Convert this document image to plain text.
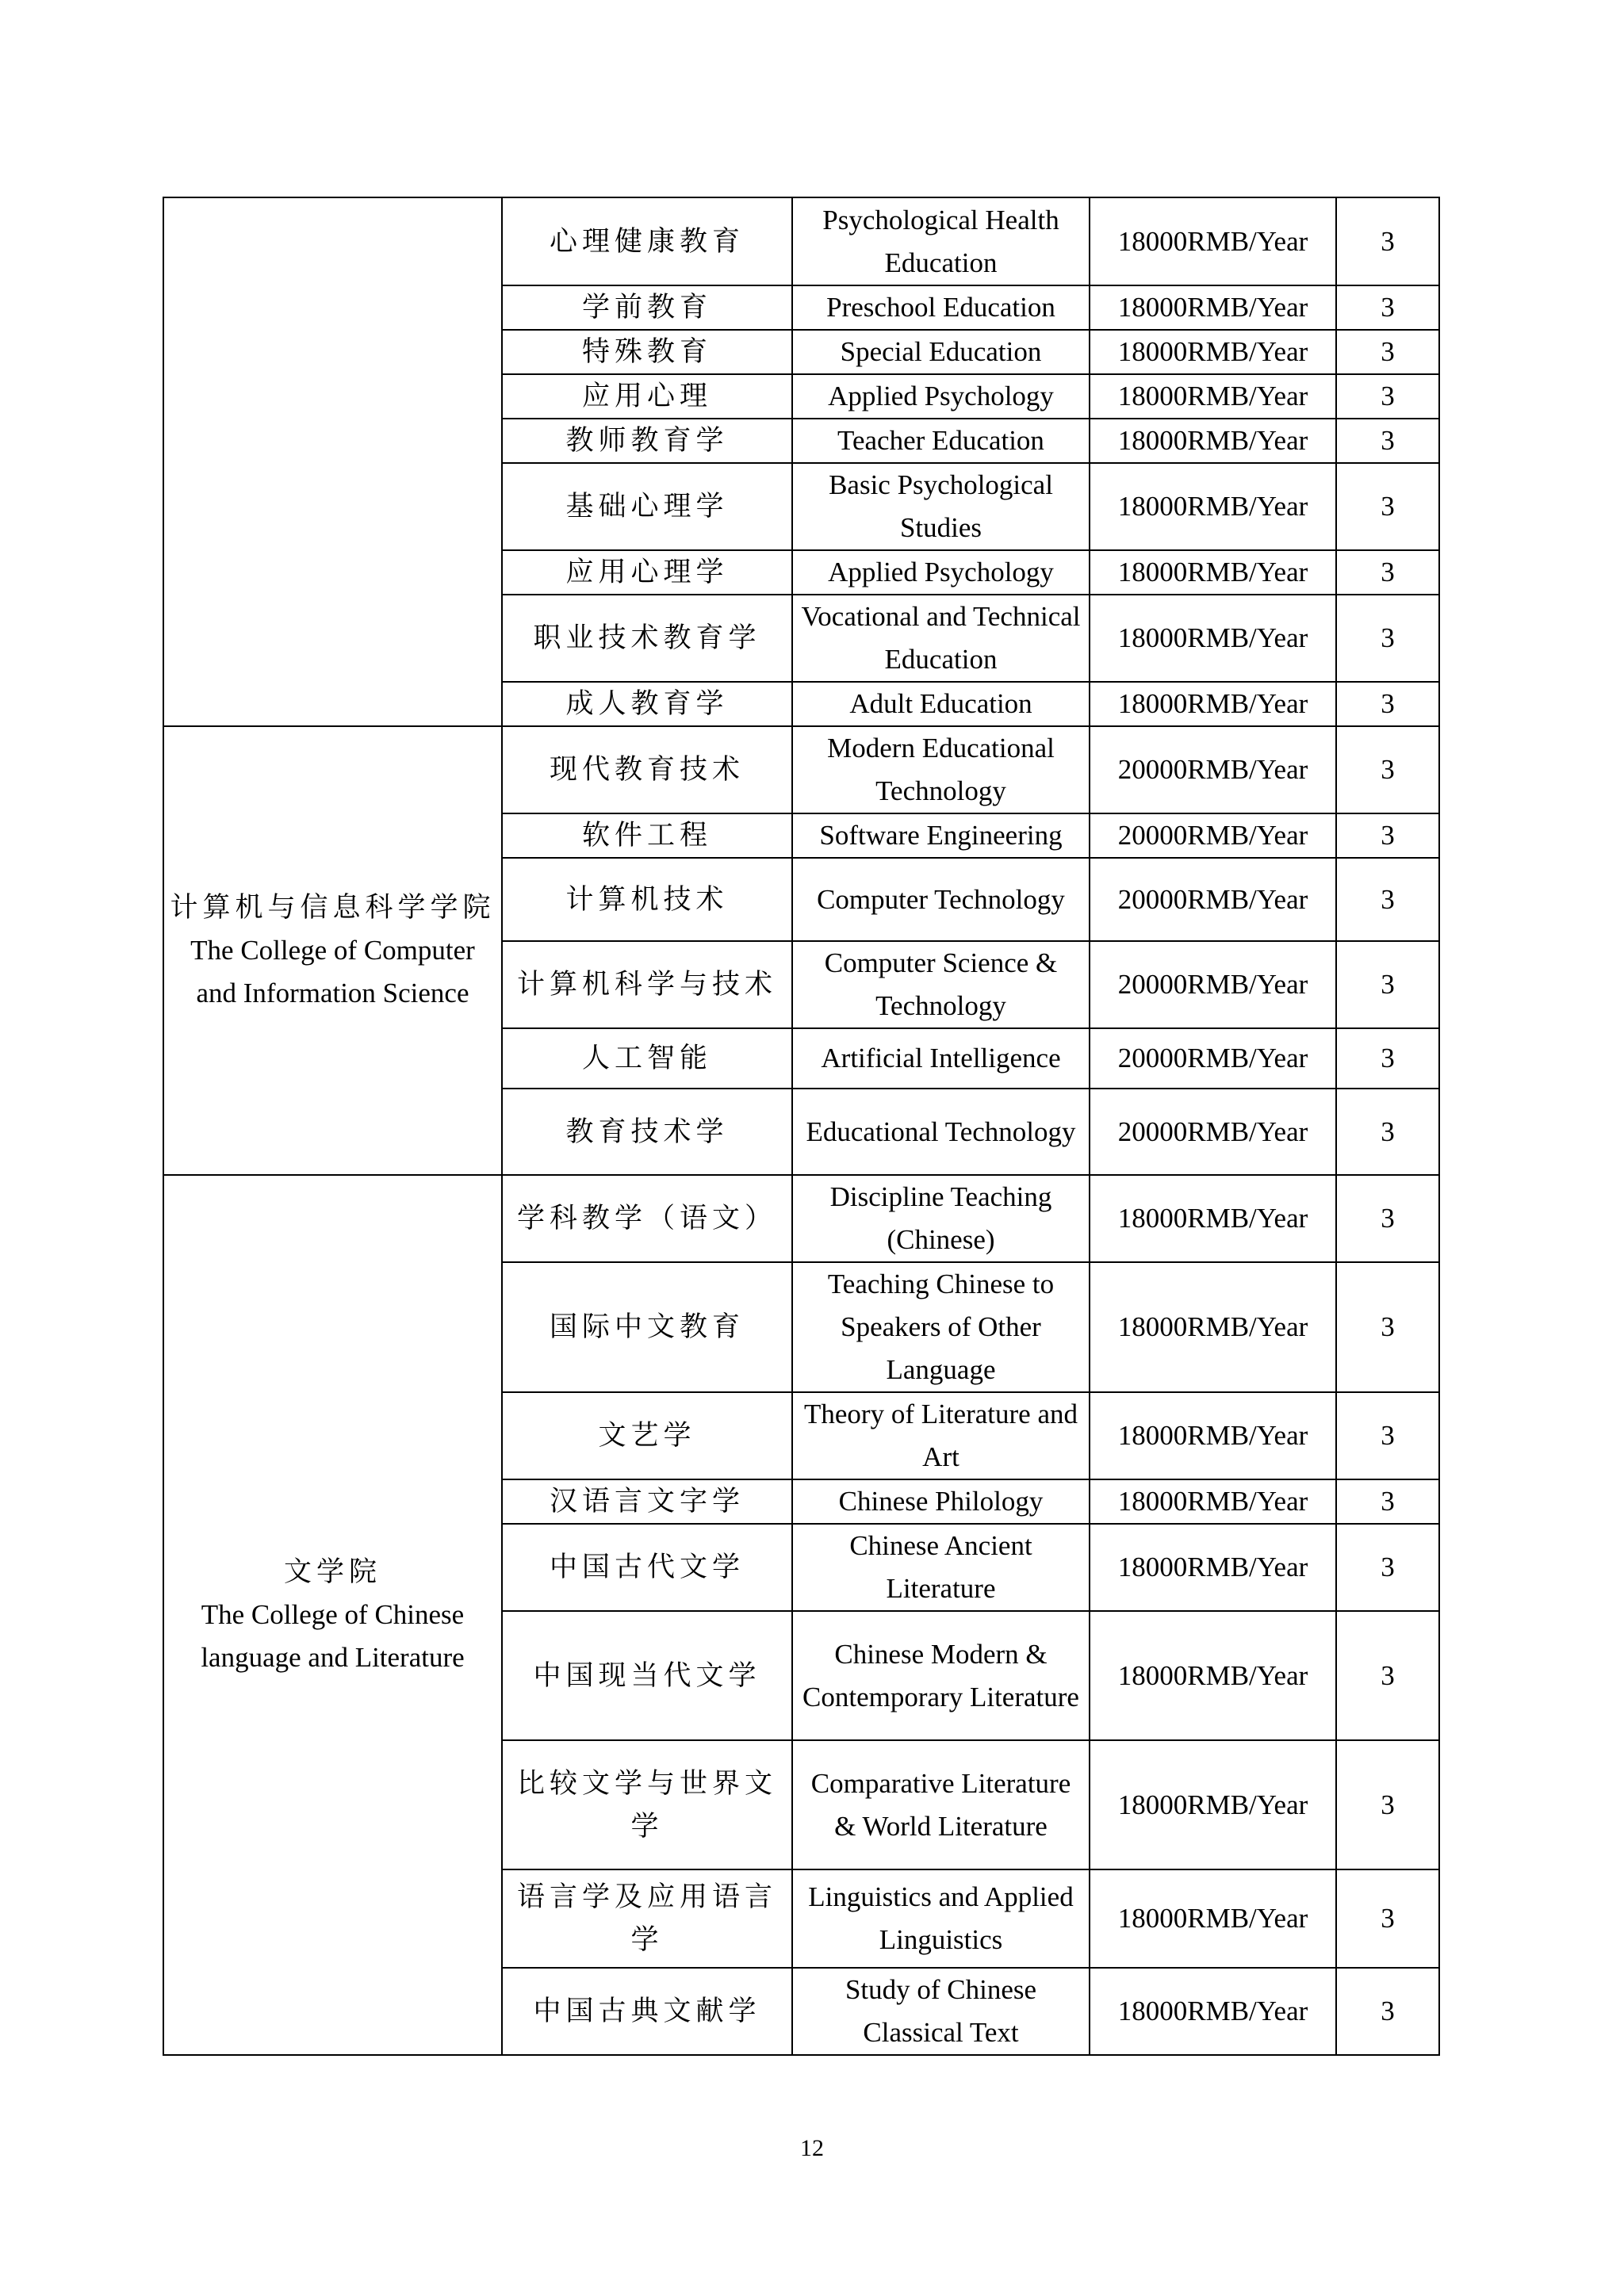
	心理健康教育	Psychological Health Education	18000RMB/Year	3
	学前教育	Preschool Education	18000RMB/Year	3
	特殊教育	Special Education	18000RMB/Year	3
	应用心理	Applied Psychology	18000RMB/Year	3
	教师教育学	Teacher Education	18000RMB/Year	3
	基础心理学	Basic Psychological Studies	18000RMB/Year	3
	应用心理学	Applied Psychology	18000RMB/Year	3
	职业技术教育学	Vocational and Technical Education	18000RMB/Year	3
	成人教育学	Adult Education	18000RMB/Year	3

计算机与信息科学学院
The College of Computer and Information Science	现代教育技术	Modern Educational Technology	20000RMB/Year	3
	软件工程	Software Engineering	20000RMB/Year	3
	计算机技术	Computer Technology	20000RMB/Year	3
	计算机科学与技术	Computer Science & Technology	20000RMB/Year	3
	人工智能	Artificial Intelligence	20000RMB/Year	3
	教育技术学	Educational Technology	20000RMB/Year	3

文学院
The College of Chinese language and Literature	学科教学（语文）	Discipline Teaching (Chinese)	18000RMB/Year	3
	国际中文教育	Teaching Chinese to Speakers of Other Language	18000RMB/Year	3
	文艺学	Theory of Literature and Art	18000RMB/Year	3
	汉语言文字学	Chinese Philology	18000RMB/Year	3
	中国古代文学	Chinese Ancient Literature	18000RMB/Year	3
	中国现当代文学	Chinese Modern & Contemporary Literature	18000RMB/Year	3
	比较文学与世界文学	Comparative Literature & World Literature	18000RMB/Year	3
	语言学及应用语言学	Linguistics and Applied Linguistics	18000RMB/Year	3
	中国古典文献学	Study of Chinese Classical Text	18000RMB/Year	3
12
